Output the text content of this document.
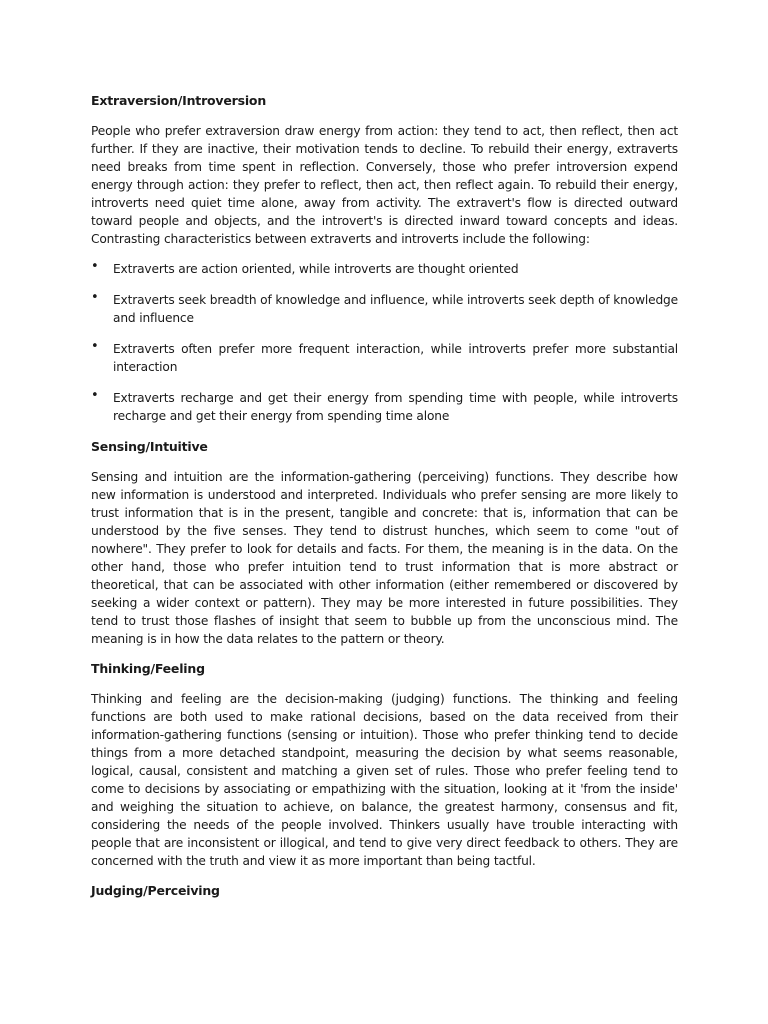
Extraversion/Introversion
People who prefer extraversion draw energy from action: they tend to act, then reflect, then act further. If they are inactive, their motivation tends to decline. To rebuild their energy, extraverts need breaks from time spent in reflection. Conversely, those who prefer introversion expend energy through action: they prefer to reflect, then act, then reflect again. To rebuild their energy, introverts need quiet time alone, away from activity. The extravert's flow is directed outward toward people and objects, and the introvert's is directed inward toward concepts and ideas. Contrasting characteristics between extraverts and introverts include the following:
• Extraverts are action oriented, while introverts are thought oriented
• Extraverts seek breadth of knowledge and influence, while introverts seek depth of knowledge and influence
• Extraverts often prefer more frequent interaction, while introverts prefer more substantial interaction
• Extraverts recharge and get their energy from spending time with people, while introverts recharge and get their energy from spending time alone
Sensing/Intuitive
Sensing and intuition are the information-gathering (perceiving) functions. They describe how new information is understood and interpreted. Individuals who prefer sensing are more likely to trust information that is in the present, tangible and concrete: that is, information that can be understood by the five senses. They tend to distrust hunches, which seem to come "out of nowhere". They prefer to look for details and facts. For them, the meaning is in the data. On the other hand, those who prefer intuition tend to trust information that is more abstract or theoretical, that can be associated with other information (either remembered or discovered by seeking a wider context or pattern). They may be more interested in future possibilities. They tend to trust those flashes of insight that seem to bubble up from the unconscious mind. The meaning is in how the data relates to the pattern or theory.
Thinking/Feeling
Thinking and feeling are the decision-making (judging) functions. The thinking and feeling functions are both used to make rational decisions, based on the data received from their information-gathering functions (sensing or intuition). Those who prefer thinking tend to decide things from a more detached standpoint, measuring the decision by what seems reasonable, logical, causal, consistent and matching a given set of rules. Those who prefer feeling tend to come to decisions by associating or empathizing with the situation, looking at it 'from the inside' and weighing the situation to achieve, on balance, the greatest harmony, consensus and fit, considering the needs of the people involved. Thinkers usually have trouble interacting with people that are inconsistent or illogical, and tend to give very direct feedback to others. They are concerned with the truth and view it as more important than being tactful.
Judging/Perceiving
